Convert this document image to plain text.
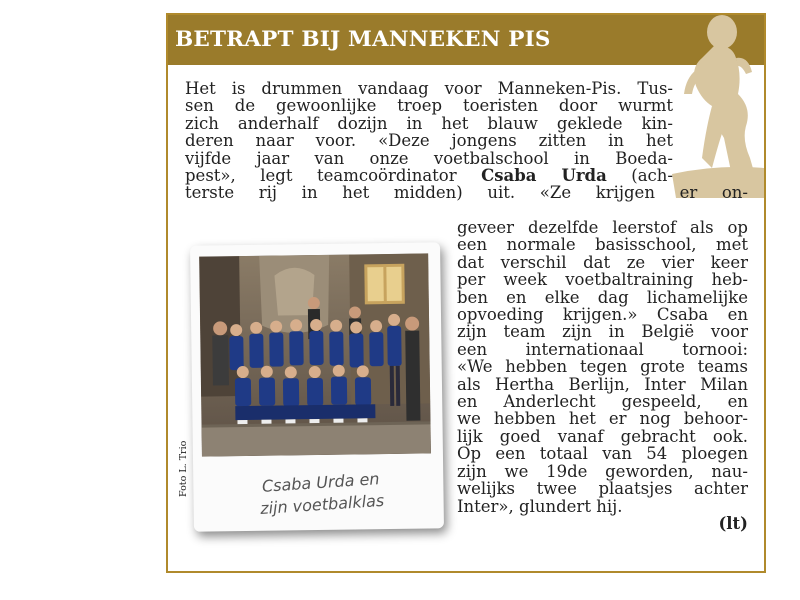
BETRAPT BIJ MANNEKEN PIS
Het is drummen vandaag voor Manneken-Pis. Tus-
sen de gewoonlijke troep toeristen door wurmt
zich anderhalf dozijn in het blauw geklede kin-
deren naar voor. «Deze jongens zitten in het
vijfde jaar van onze voetbalschool in Boeda-
pest», legt teamcoördinator Csaba Urda (ach-
terste rij in het midden) uit. «Ze krijgen er on-
geveer dezelfde leerstof als op
een normale basisschool, met
dat verschil dat ze vier keer
per week voetbaltraining heb-
ben en elke dag lichamelijke
opvoeding krijgen.» Csaba en
zijn team zijn in België voor
een internationaal tornooi:
«We hebben tegen grote teams
als Hertha Berlijn, Inter Milan
en Anderlecht gespeeld, en
we hebben het er nog behoor-
lijk goed vanaf gebracht ook.
Op een totaal van 54 ploegen
zijn we 19de geworden, nau-
welijks twee plaatsjes achter
Inter», glundert hij.
(lt)
Foto L. Trio	Csaba Urda en
zijn voetbalklas
